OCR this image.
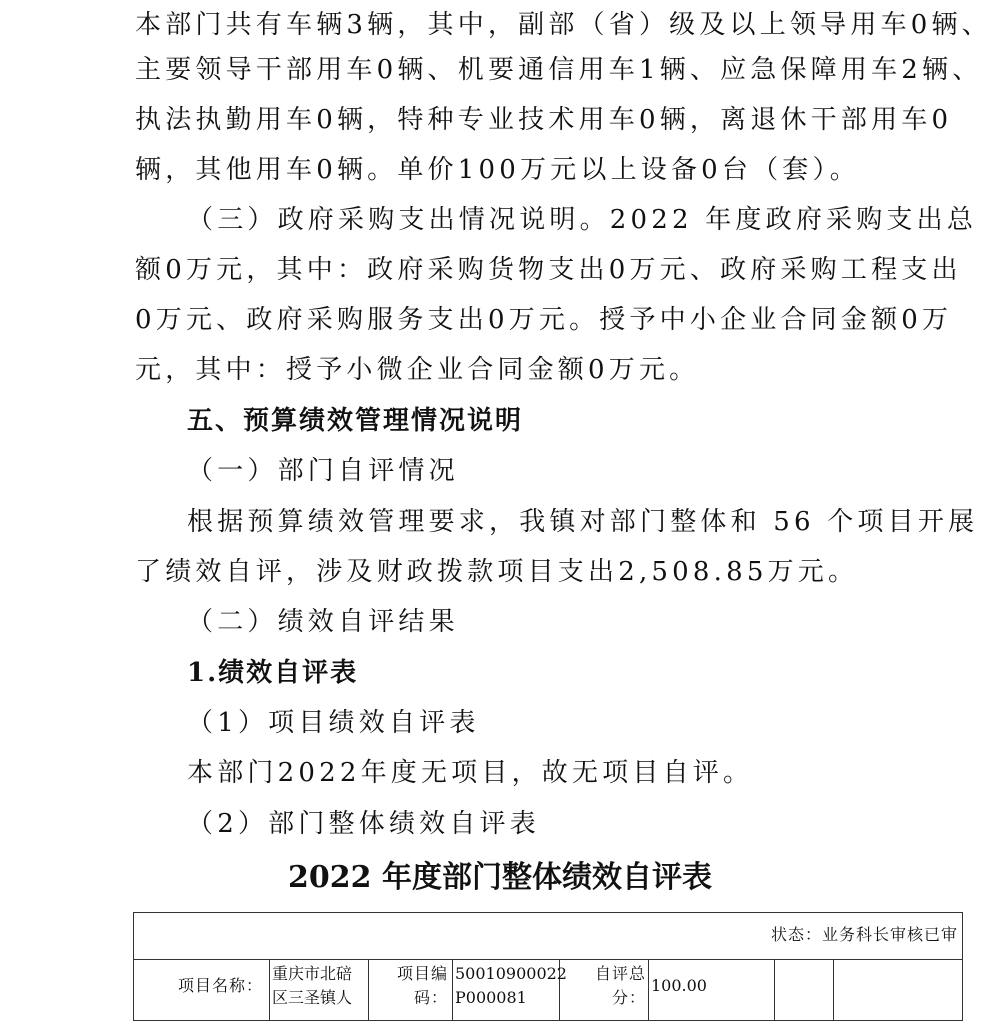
本部门共有车辆3辆，其中，副部（省）级及以上领导用车0辆、
主要领导干部用车0辆、机要通信用车1辆、应急保障用车2辆、
执法执勤用车0辆，特种专业技术用车0辆，离退休干部用车0
辆，其他用车0辆。单价100万元以上设备0台（套）。
（三）政府采购支出情况说明。2022 年度政府采购支出总
额0万元，其中：政府采购货物支出0万元、政府采购工程支出
0万元、政府采购服务支出0万元。授予中小企业合同金额0万
元，其中：授予小微企业合同金额0万元。
五、预算绩效管理情况说明
（一）部门自评情况
根据预算绩效管理要求，我镇对部门整体和 56 个项目开展
了绩效自评，涉及财政拨款项目支出2,508.85万元。
（二）绩效自评结果
1.绩效自评表
（1）项目绩效自评表
本部门2022年度无项目，故无项目自评。
（2）部门整体绩效自评表
2022 年度部门整体绩效自评表
状态：业务科长审核已审
项目名称：
重庆市北碚
区三圣镇人
项目编
码：
50010900022
P000081
自评总
分：
100.00
